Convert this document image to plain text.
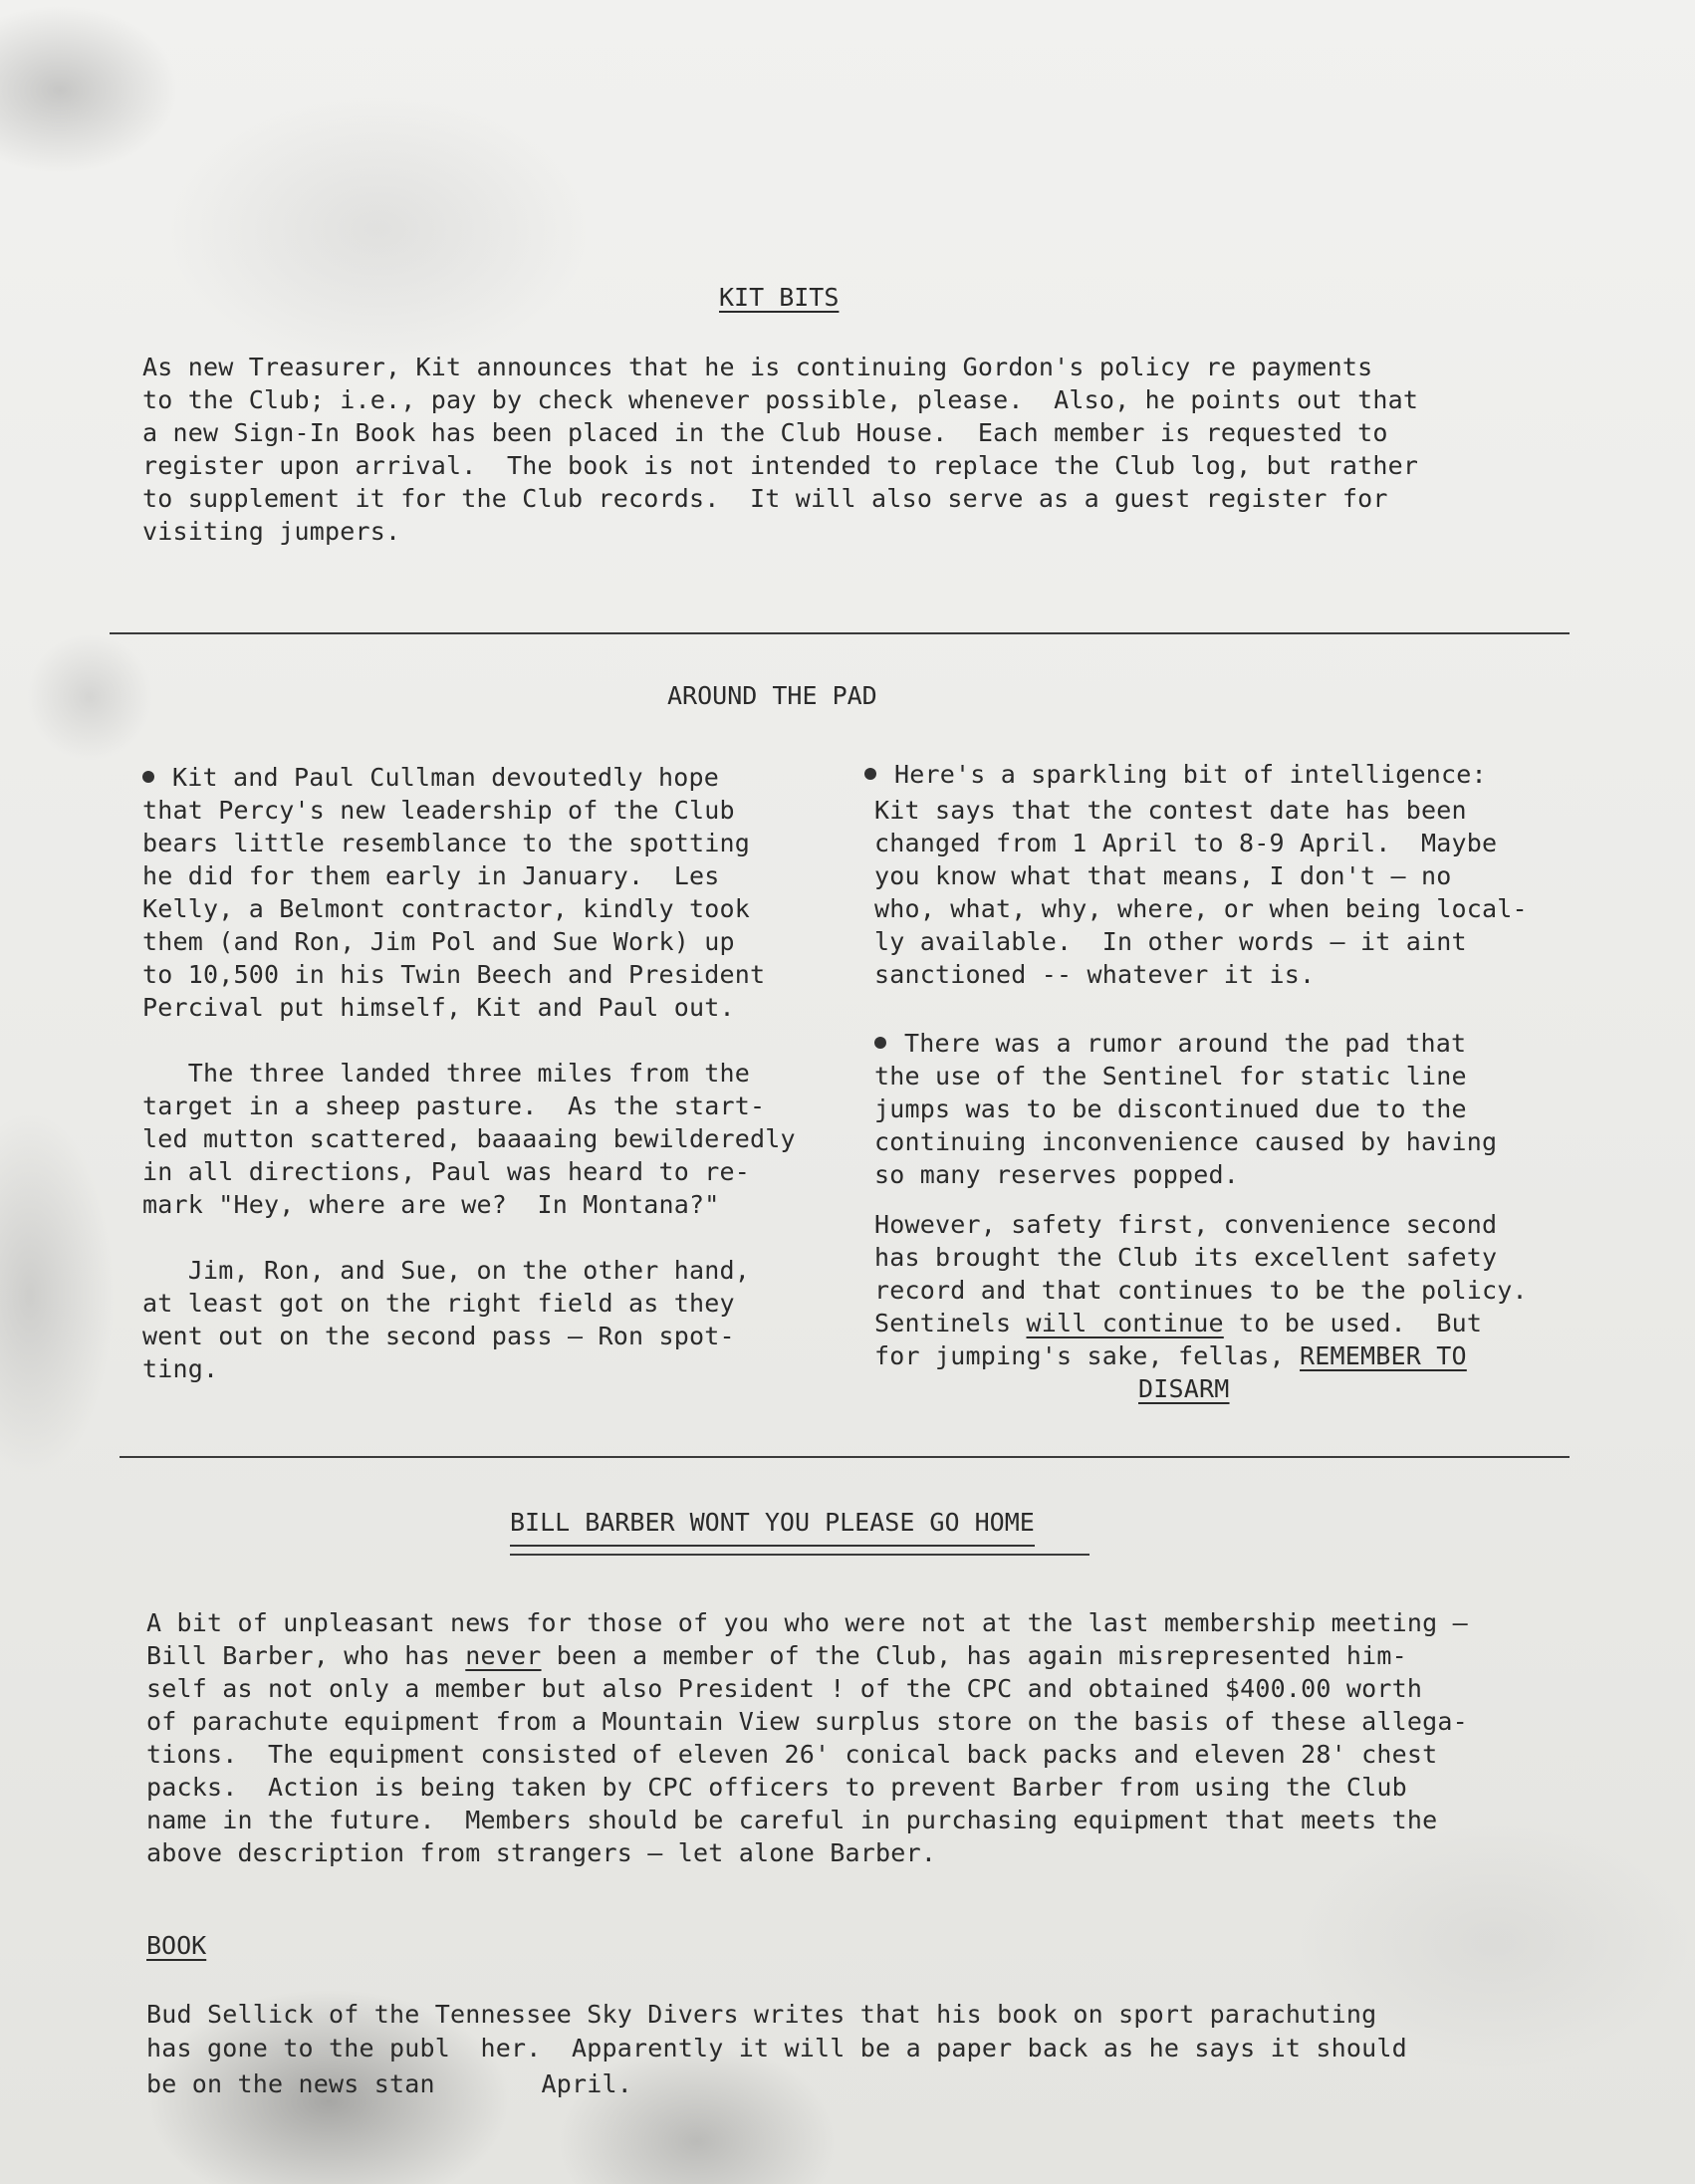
KIT BITS
As new Treasurer, Kit announces that he is continuing Gordon's policy re payments
to the Club; i.e., pay by check whenever possible, please.  Also, he points out that
a new Sign-In Book has been placed in the Club House.  Each member is requested to
register upon arrival.  The book is not intended to replace the Club log, but rather
to supplement it for the Club records.  It will also serve as a guest register for
visiting jumpers.
AROUND THE PAD
Kit and Paul Cullman devoutedly hope
that Percy's new leadership of the Club
bears little resemblance to the spotting
he did for them early in January.  Les
Kelly, a Belmont contractor, kindly took
them (and Ron, Jim Pol and Sue Work) up
to 10,500 in his Twin Beech and President
Percival put himself, Kit and Paul out.
The three landed three miles from the
target in a sheep pasture.  As the start-
led mutton scattered, baaaaing bewilderedly
in all directions, Paul was heard to re-
mark "Hey, where are we?  In Montana?"
Jim, Ron, and Sue, on the other hand,
at least got on the right field as they
went out on the second pass — Ron spot-
ting.
Here's a sparkling bit of intelligence:
Kit says that the contest date has been
changed from 1 April to 8-9 April.  Maybe
you know what that means, I don't — no
who, what, why, where, or when being local-
ly available.  In other words — it aint
sanctioned -- whatever it is.
There was a rumor around the pad that
the use of the Sentinel for static line
jumps was to be discontinued due to the
continuing inconvenience caused by having
so many reserves popped.
However, safety first, convenience second
has brought the Club its excellent safety
record and that continues to be the policy.
Sentinels will continue to be used.  But
for jumping's sake, fellas, REMEMBER TO
DISARM
BILL BARBER WONT YOU PLEASE GO HOME
A bit of unpleasant news for those of you who were not at the last membership meeting —
Bill Barber, who has never been a member of the Club, has again misrepresented him-
self as not only a member but also President ! of the CPC and obtained $400.00 worth
of parachute equipment from a Mountain View surplus store on the basis of these allega-
tions.  The equipment consisted of eleven 26' conical back packs and eleven 28' chest
packs.  Action is being taken by CPC officers to prevent Barber from using the Club
name in the future.  Members should be careful in purchasing equipment that meets the
above description from strangers — let alone Barber.
BOOK
Bud Sellick of the Tennessee Sky Divers writes that his book on sport parachuting
has gone to the publ  her.  Apparently it will be a paper back as he says it should
be on the news stan       April.
